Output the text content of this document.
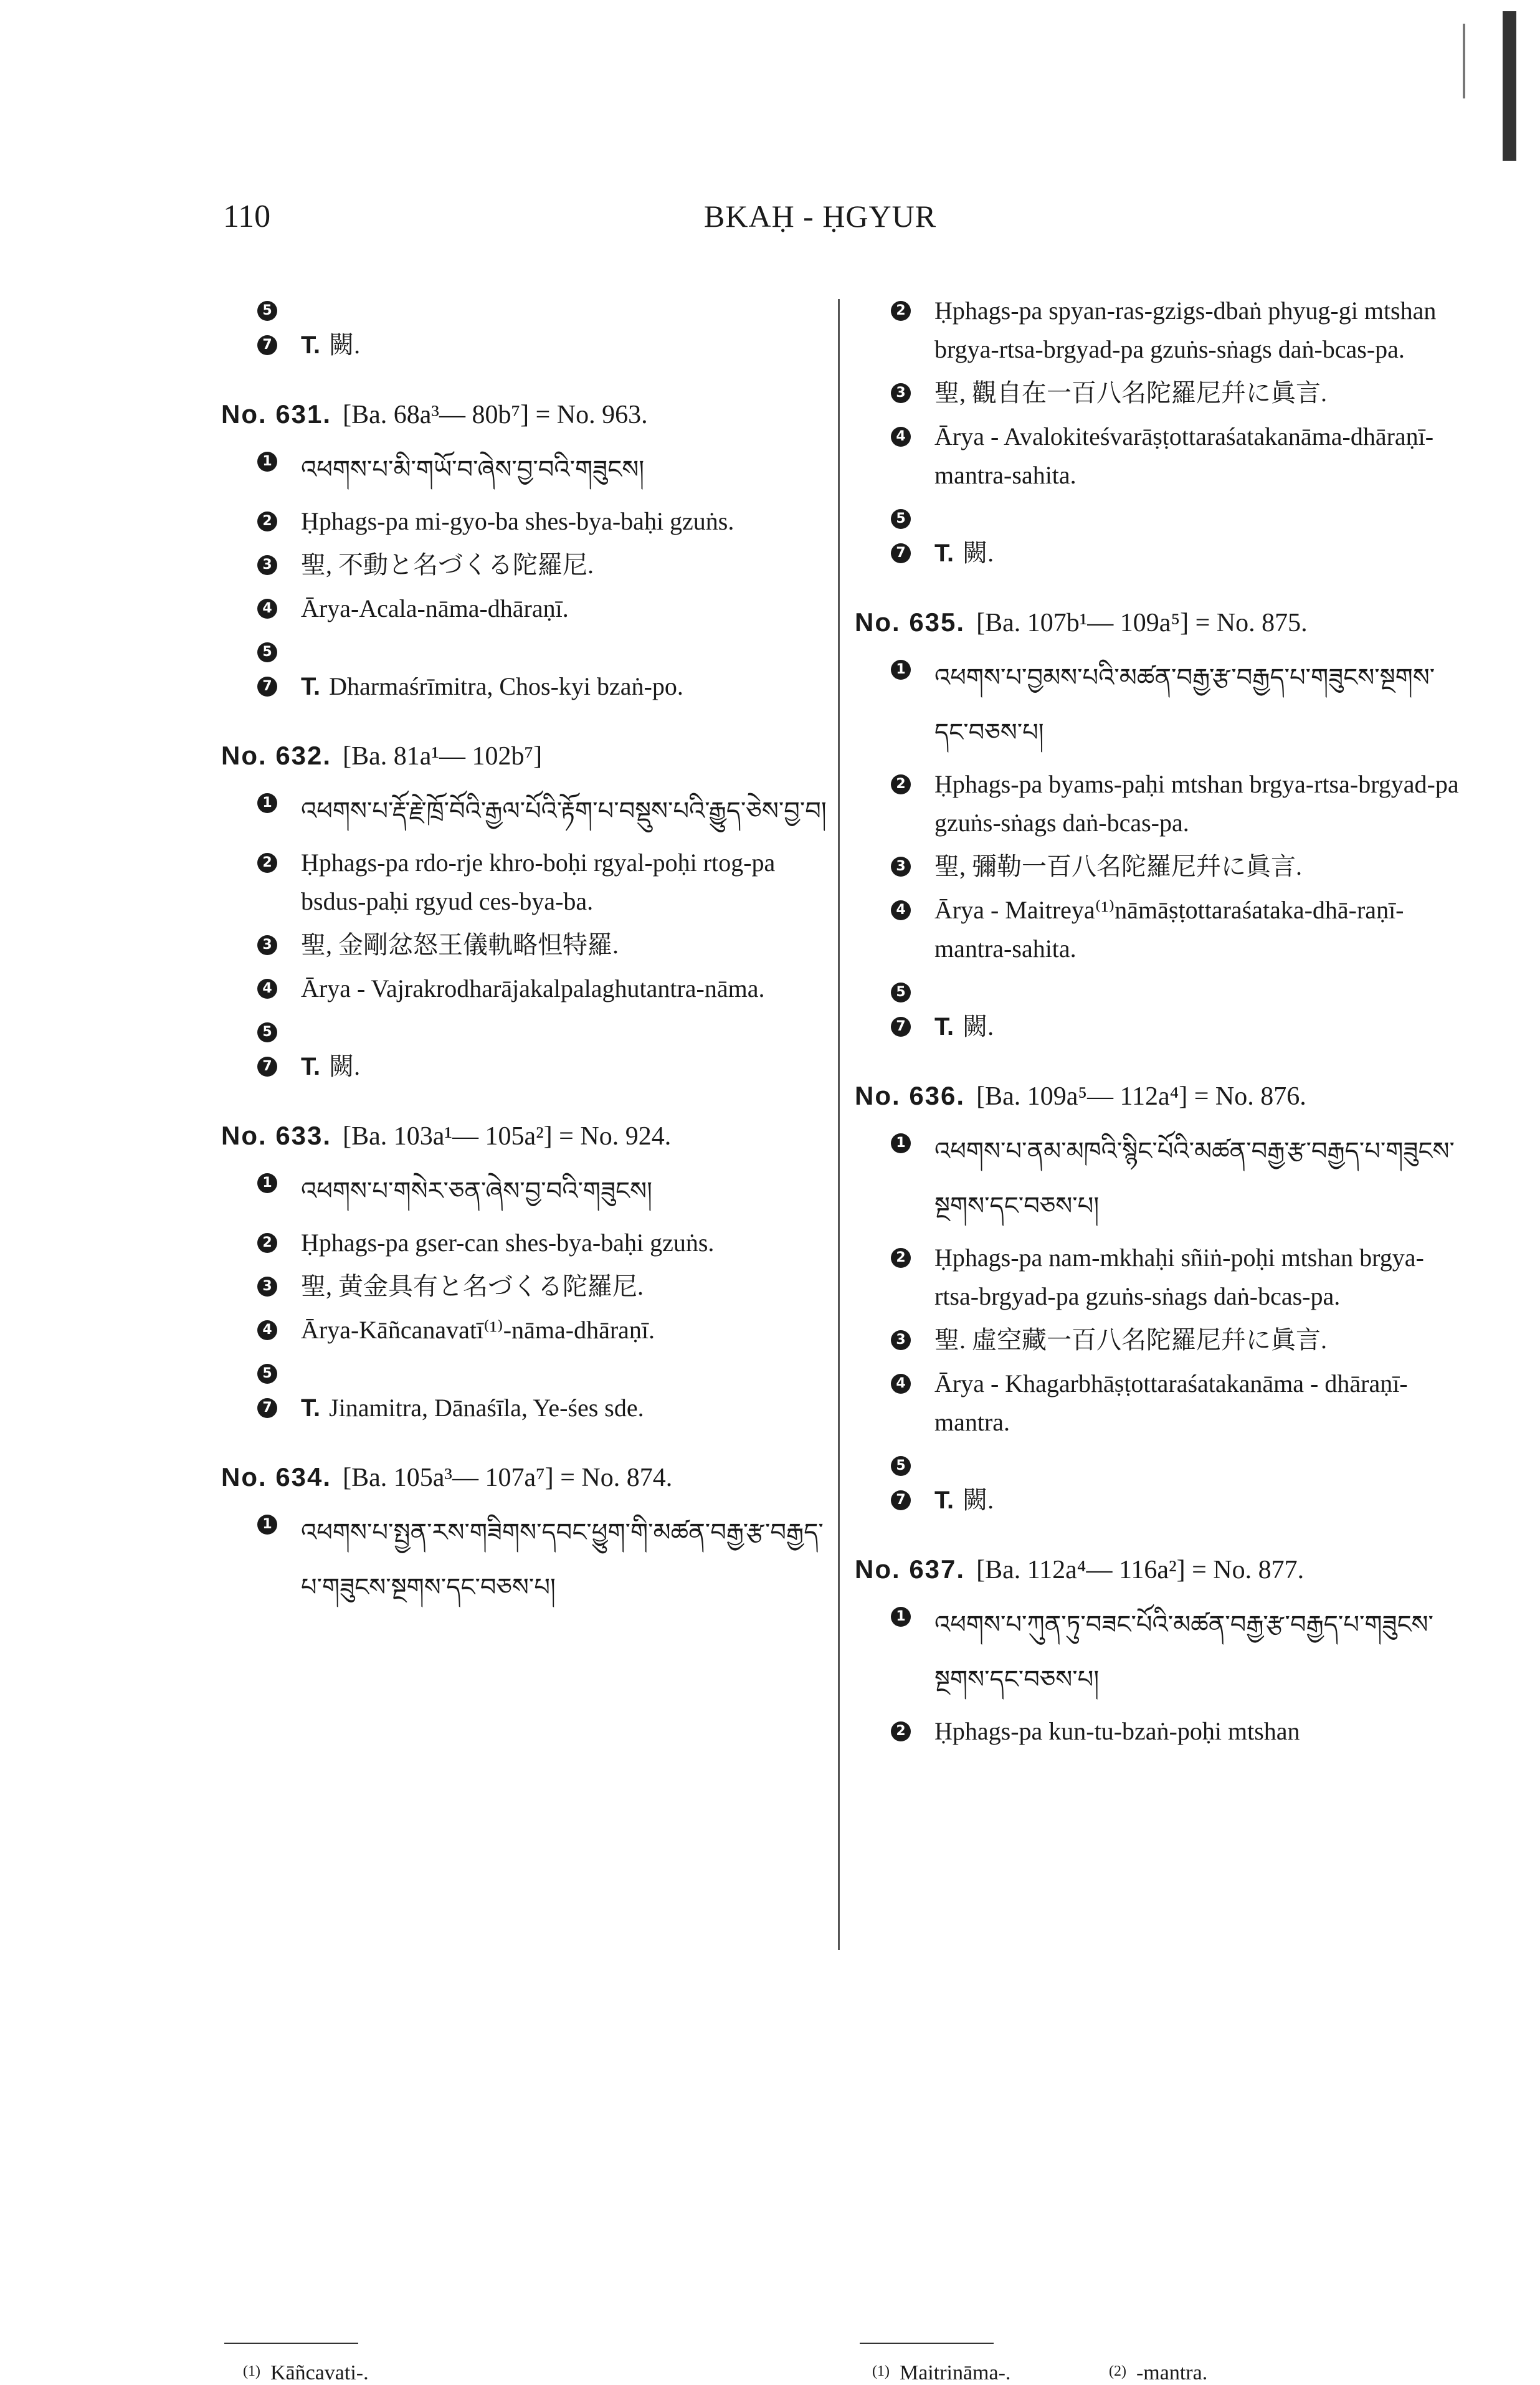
110	BKAḤ - ḤGYUR
5
7 T. 闕.
No. 631. [Ba. 68a³— 80b⁷] = No. 963.
1 འཕགས་པ་མི་གཡོ་བ་ཞེས་བྱ་བའི་གཟུངས།
2 Ḥphags-pa mi-gyo-ba shes-bya-baḥi gzuṅs.
3 聖, 不動と名づくる陀羅尼.
4 Ārya-Acala-nāma-dhāraṇī.
5
7 T. Dharmaśrīmitra, Chos-kyi bzaṅ-po.
No. 632. [Ba. 81a¹— 102b⁷]
1 འཕགས་པ་རྡོ་རྗེ་ཁྲོ་བོའི་རྒྱལ་པོའི་རྟོག་པ་བསྡུས་པའི་རྒྱུད་ཅེས་བྱ་བ།
2 Ḥphags-pa rdo-rje khro-boḥi rgyal-poḥi rtog-pa bsdus-paḥi rgyud ces-bya-ba.
3 聖, 金剛忿怒王儀軌略怛特羅.
4 Ārya - Vajrakrodharājakalpalaghutantra-nāma.
5
7 T. 闕.
No. 633. [Ba. 103a¹— 105a²] = No. 924.
1 འཕགས་པ་གསེར་ཅན་ཞེས་བྱ་བའི་གཟུངས།
2 Ḥphags-pa gser-can shes-bya-baḥi gzuṅs.
3 聖, 黄金具有と名づくる陀羅尼.
4 Ārya-Kāñcanavatī⁽¹⁾-nāma-dhāraṇī.
5
7 T. Jinamitra, Dānaśīla, Ye-śes sde.
No. 634. [Ba. 105a³— 107a⁷] = No. 874.
1 འཕགས་པ་སྤྱན་རས་གཟིགས་དབང་ཕྱུག་གི་མཚན་བརྒྱ་རྩ་བརྒྱད་པ་གཟུངས་སྔགས་དང་བཅས་པ།
2 Ḥphags-pa spyan-ras-gzigs-dbaṅ phyug-gi mtshan brgya-rtsa-brgyad-pa gzuṅs-sṅags daṅ-bcas-pa.
3 聖, 觀自在一百八名陀羅尼幷に眞言.
4 Ārya - Avalokiteśvarāṣṭottaraśatakanāma-dhāraṇī-mantra-sahita.
5
7 T. 闕.
No. 635. [Ba. 107b¹— 109a⁵] = No. 875.
1 འཕགས་པ་བྱམས་པའི་མཚན་བརྒྱ་རྩ་བརྒྱད་པ་གཟུངས་སྔགས་དང་བཅས་པ།
2 Ḥphags-pa byams-paḥi mtshan brgya-rtsa-brgyad-pa gzuṅs-sṅags daṅ-bcas-pa.
3 聖, 彌勒一百八名陀羅尼幷に眞言.
4 Ārya - Maitreya⁽¹⁾nāmāṣṭottaraśataka-dhā-raṇī-mantra-sahita.
5
7 T. 闕.
No. 636. [Ba. 109a⁵— 112a⁴] = No. 876.
1 འཕགས་པ་ནམ་མཁའི་སྙིང་པོའི་མཚན་བརྒྱ་རྩ་བརྒྱད་པ་གཟུངས་སྔགས་དང་བཅས་པ།
2 Ḥphags-pa nam-mkhaḥi sñiṅ-poḥi mtshan brgya-rtsa-brgyad-pa gzuṅs-sṅags daṅ-bcas-pa.
3 聖. 虛空藏一百八名陀羅尼幷に眞言.
4 Ārya - Khagarbhāṣṭottaraśatakanāma - dhāraṇī-mantra.
5
7 T. 闕.
No. 637. [Ba. 112a⁴— 116a²] = No. 877.
1 འཕགས་པ་ཀུན་ཏུ་བཟང་པོའི་མཚན་བརྒྱ་རྩ་བརྒྱད་པ་གཟུངས་སྔགས་དང་བཅས་པ།
2 Ḥphags-pa kun-tu-bzaṅ-poḥi mtshan
(1) Kāñcavati-.	(1) Maitrināma-.	(2) -mantra.
